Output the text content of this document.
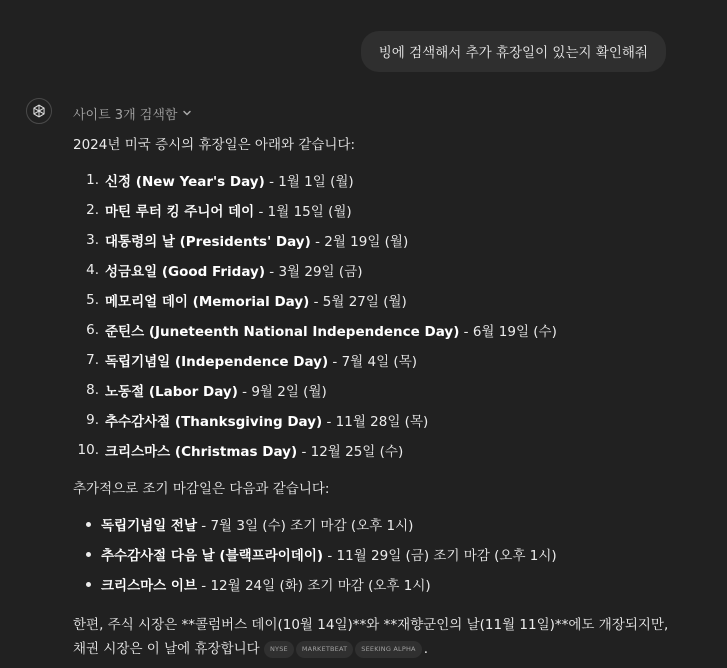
빙에 검색해서 추가 휴장일이 있는지 확인해줘
사이트 3개 검색함

2024년 미국 증시의 휴장일은 아래와 같습니다:

1. 신정 (New Year's Day) - 1월 1일 (월)
2. 마틴 루터 킹 주니어 데이 - 1월 15일 (월)
3. 대통령의 날 (Presidents' Day) - 2월 19일 (월)
4. 성금요일 (Good Friday) - 3월 29일 (금)
5. 메모리얼 데이 (Memorial Day) - 5월 27일 (월)
6. 준틴스 (Juneteenth National Independence Day) - 6월 19일 (수)
7. 독립기념일 (Independence Day) - 7월 4일 (목)
8. 노동절 (Labor Day) - 9월 2일 (월)
9. 추수감사절 (Thanksgiving Day) - 11월 28일 (목)
10. 크리스마스 (Christmas Day) - 12월 25일 (수)

추가적으로 조기 마감일은 다음과 같습니다:

독립기념일 전날 - 7월 3일 (수) 조기 마감 (오후 1시)
추수감사절 다음 날 (블랙프라이데이) - 11월 29일 (금) 조기 마감 (오후 1시)
크리스마스 이브 - 12월 24일 (화) 조기 마감 (오후 1시)

한편, 주식 시장은 **콜럼버스 데이(10월 14일)**와 **재향군인의 날(11월 11일)**에도 개장되지만,
채권 시장은 이 날에 휴장합니다 NYSE MARKETBEAT SEEKING ALPHA .
